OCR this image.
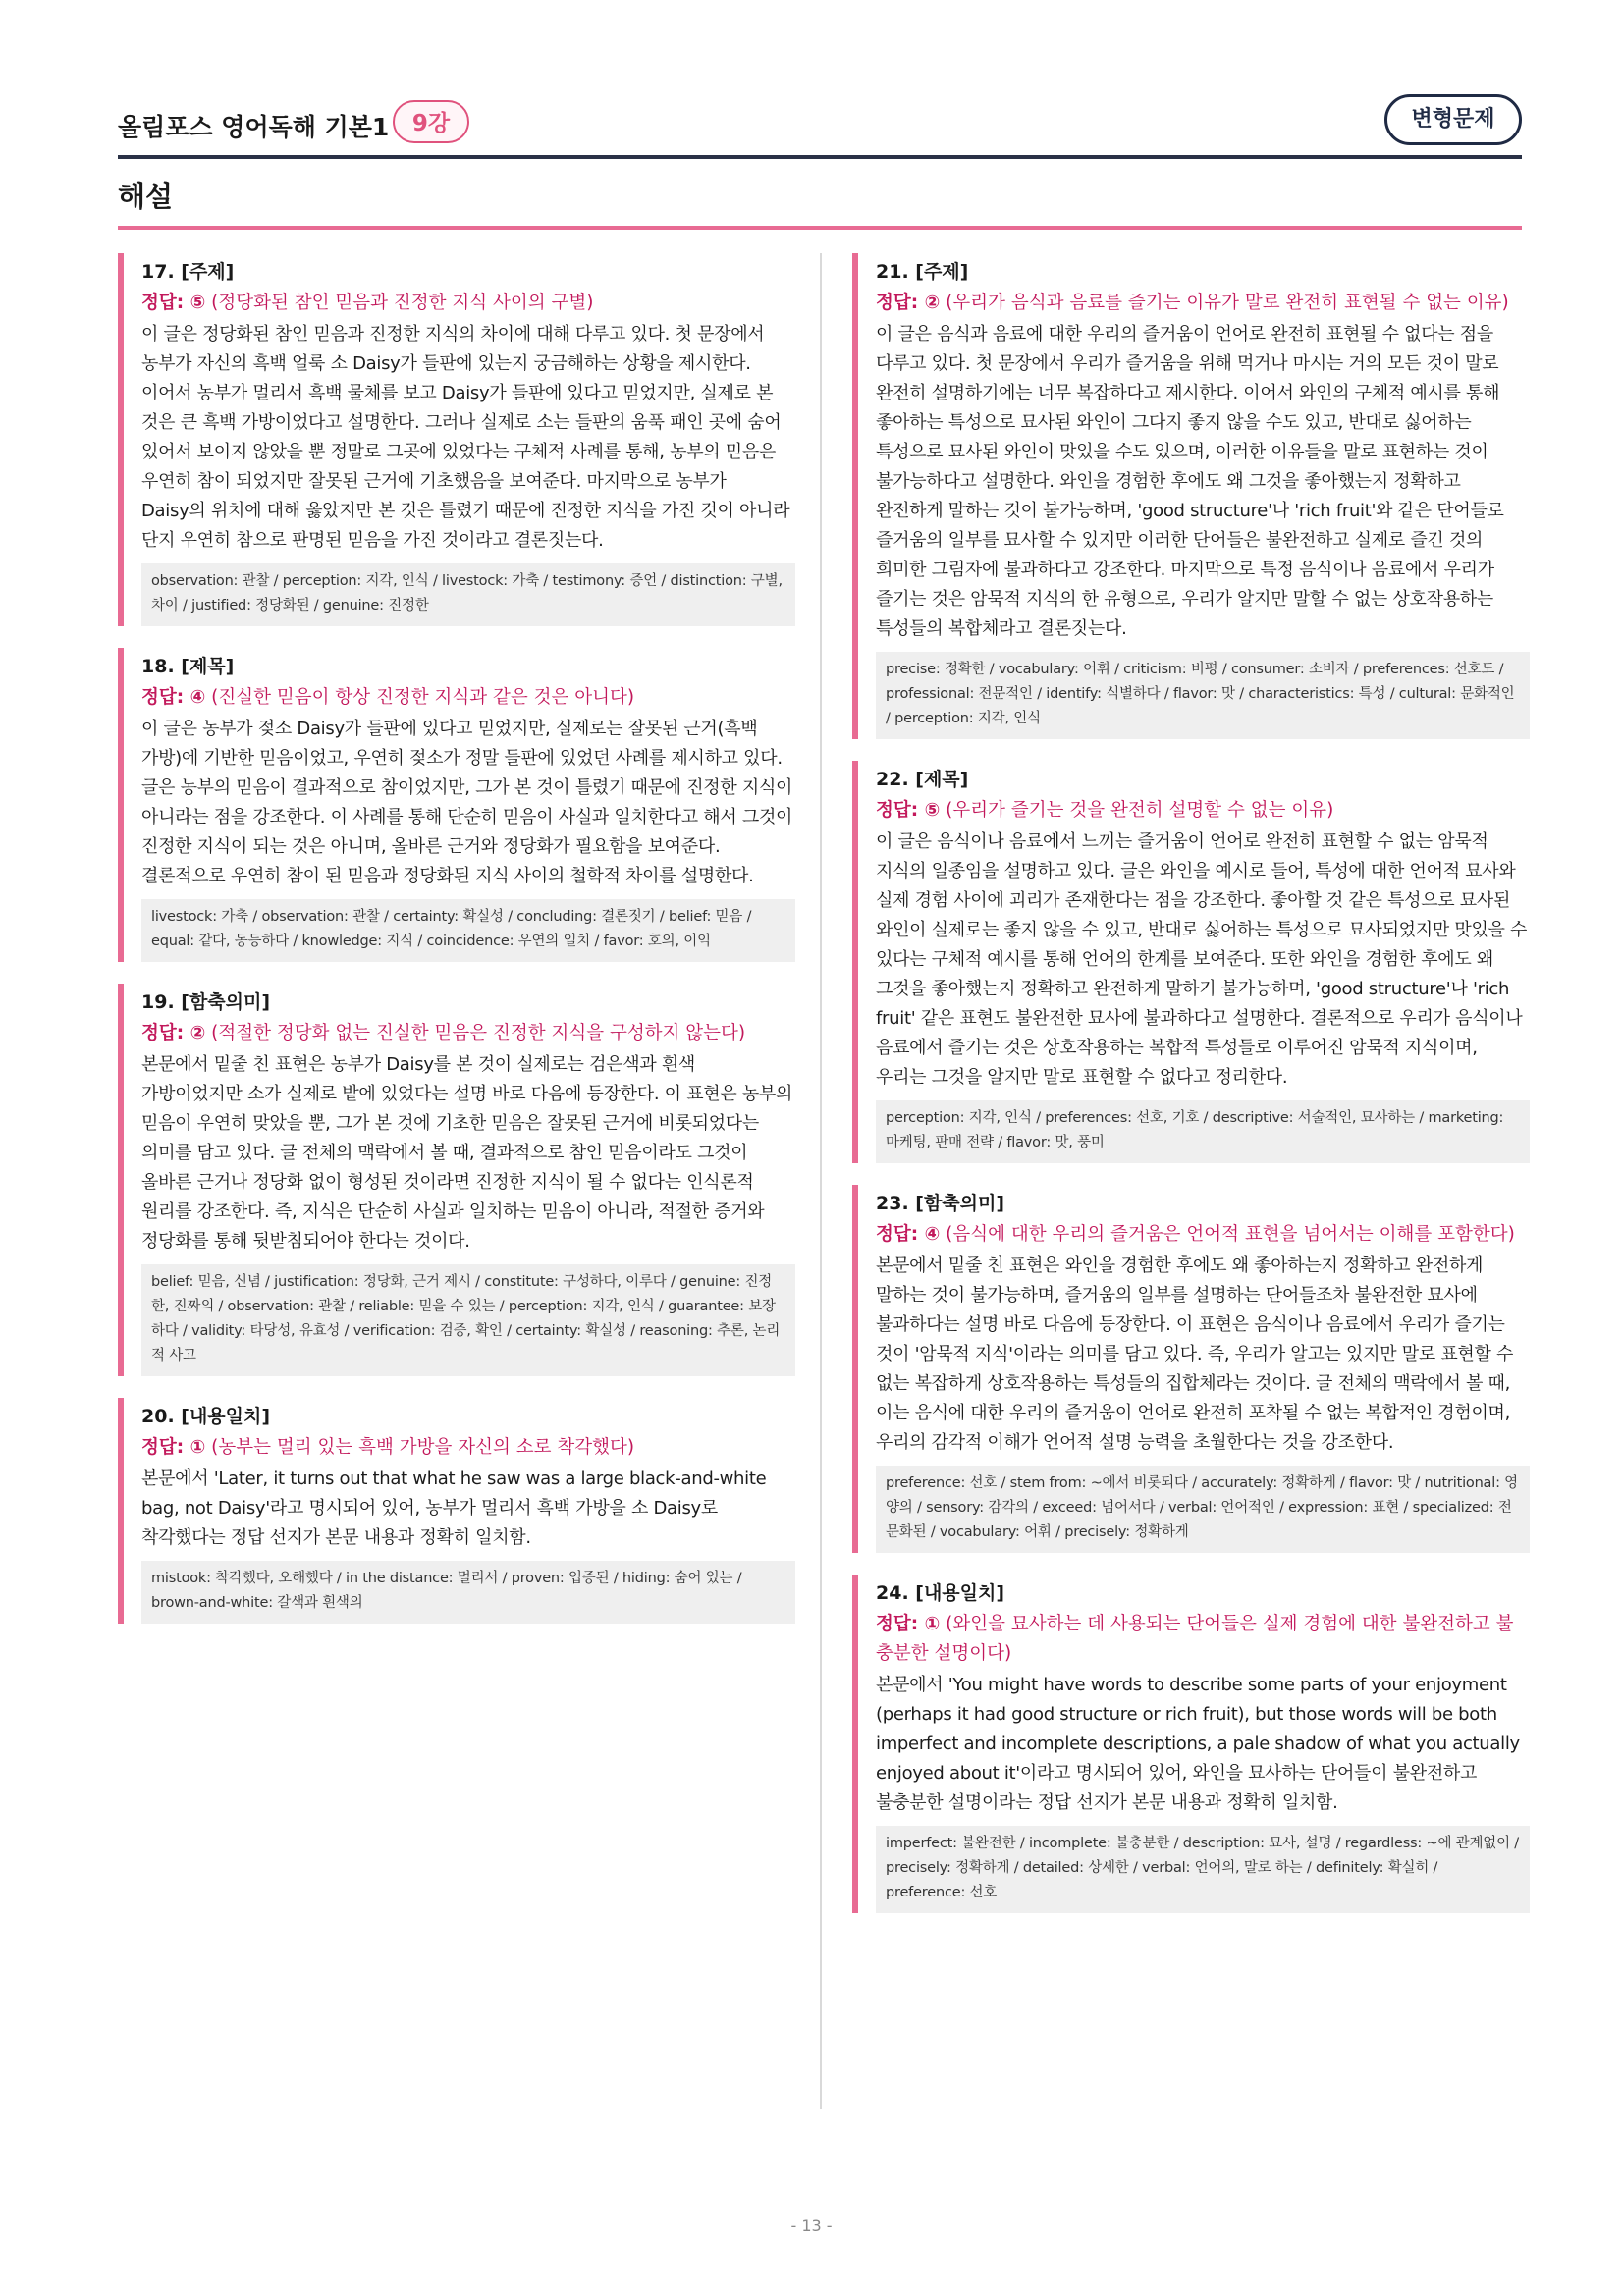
올림포스 영어독해 기본1	9강	변형문제
해설
17. [주제]
정답: ⑤ (정당화된 참인 믿음과 진정한 지식 사이의 구별)
이 글은 정당화된 참인 믿음과 진정한 지식의 차이에 대해 다루고 있다. 첫 문장에서 농부가 자신의 흑백 얼룩 소 Daisy가 들판에 있는지 궁금해하는 상황을 제시한다. 이어서 농부가 멀리서 흑백 물체를 보고 Daisy가 들판에 있다고 믿었지만, 실제로 본 것은 큰 흑백 가방이었다고 설명한다. 그러나 실제로 소는 들판의 움푹 패인 곳에 숨어 있어서 보이지 않았을 뿐 정말로 그곳에 있었다는 구체적 사례를 통해, 농부의 믿음은 우연히 참이 되었지만 잘못된 근거에 기초했음을 보여준다. 마지막으로 농부가 Daisy의 위치에 대해 옳았지만 본 것은 틀렸기 때문에 진정한 지식을 가진 것이 아니라 단지 우연히 참으로 판명된 믿음을 가진 것이라고 결론짓는다.
observation: 관찰 / perception: 지각, 인식 / livestock: 가축 / testimony: 증언 / distinction: 구별, 차이 / justified: 정당화된 / genuine: 진정한
18. [제목]
정답: ④ (진실한 믿음이 항상 진정한 지식과 같은 것은 아니다)
이 글은 농부가 젖소 Daisy가 들판에 있다고 믿었지만, 실제로는 잘못된 근거(흑백 가방)에 기반한 믿음이었고, 우연히 젖소가 정말 들판에 있었던 사례를 제시하고 있다. 글은 농부의 믿음이 결과적으로 참이었지만, 그가 본 것이 틀렸기 때문에 진정한 지식이 아니라는 점을 강조한다. 이 사례를 통해 단순히 믿음이 사실과 일치한다고 해서 그것이 진정한 지식이 되는 것은 아니며, 올바른 근거와 정당화가 필요함을 보여준다. 결론적으로 우연히 참이 된 믿음과 정당화된 지식 사이의 철학적 차이를 설명한다.
livestock: 가축 / observation: 관찰 / certainty: 확실성 / concluding: 결론짓기 / belief: 믿음 / equal: 같다, 동등하다 / knowledge: 지식 / coincidence: 우연의 일치 / favor: 호의, 이익
19. [함축의미]
정답: ② (적절한 정당화 없는 진실한 믿음은 진정한 지식을 구성하지 않는다)
본문에서 밑줄 친 표현은 농부가 Daisy를 본 것이 실제로는 검은색과 흰색 가방이었지만 소가 실제로 밭에 있었다는 설명 바로 다음에 등장한다. 이 표현은 농부의 믿음이 우연히 맞았을 뿐, 그가 본 것에 기초한 믿음은 잘못된 근거에 비롯되었다는 의미를 담고 있다. 글 전체의 맥락에서 볼 때, 결과적으로 참인 믿음이라도 그것이 올바른 근거나 정당화 없이 형성된 것이라면 진정한 지식이 될 수 없다는 인식론적 원리를 강조한다. 즉, 지식은 단순히 사실과 일치하는 믿음이 아니라, 적절한 증거와 정당화를 통해 뒷받침되어야 한다는 것이다.
belief: 믿음, 신념 / justification: 정당화, 근거 제시 / constitute: 구성하다, 이루다 / genuine: 진정한, 진짜의 / observation: 관찰 / reliable: 믿을 수 있는 / perception: 지각, 인식 / guarantee: 보장하다 / validity: 타당성, 유효성 / verification: 검증, 확인 / certainty: 확실성 / reasoning: 추론, 논리적 사고
20. [내용일치]
정답: ① (농부는 멀리 있는 흑백 가방을 자신의 소로 착각했다)
본문에서 'Later, it turns out that what he saw was a large black-and-white bag, not Daisy'라고 명시되어 있어, 농부가 멀리서 흑백 가방을 소 Daisy로 착각했다는 정답 선지가 본문 내용과 정확히 일치함.
mistook: 착각했다, 오해했다 / in the distance: 멀리서 / proven: 입증된 / hiding: 숨어 있는 / brown-and-white: 갈색과 흰색의
21. [주제]
정답: ② (우리가 음식과 음료를 즐기는 이유가 말로 완전히 표현될 수 없는 이유)
이 글은 음식과 음료에 대한 우리의 즐거움이 언어로 완전히 표현될 수 없다는 점을 다루고 있다. 첫 문장에서 우리가 즐거움을 위해 먹거나 마시는 거의 모든 것이 말로 완전히 설명하기에는 너무 복잡하다고 제시한다. 이어서 와인의 구체적 예시를 통해 좋아하는 특성으로 묘사된 와인이 그다지 좋지 않을 수도 있고, 반대로 싫어하는 특성으로 묘사된 와인이 맛있을 수도 있으며, 이러한 이유들을 말로 표현하는 것이 불가능하다고 설명한다. 와인을 경험한 후에도 왜 그것을 좋아했는지 정확하고 완전하게 말하는 것이 불가능하며, 'good structure'나 'rich fruit'와 같은 단어들로 즐거움의 일부를 묘사할 수 있지만 이러한 단어들은 불완전하고 실제로 즐긴 것의 희미한 그림자에 불과하다고 강조한다. 마지막으로 특정 음식이나 음료에서 우리가 즐기는 것은 암묵적 지식의 한 유형으로, 우리가 알지만 말할 수 없는 상호작용하는 특성들의 복합체라고 결론짓는다.
precise: 정확한 / vocabulary: 어휘 / criticism: 비평 / consumer: 소비자 / preferences: 선호도 / professional: 전문적인 / identify: 식별하다 / flavor: 맛 / characteristics: 특성 / cultural: 문화적인 / perception: 지각, 인식
22. [제목]
정답: ⑤ (우리가 즐기는 것을 완전히 설명할 수 없는 이유)
이 글은 음식이나 음료에서 느끼는 즐거움이 언어로 완전히 표현할 수 없는 암묵적 지식의 일종임을 설명하고 있다. 글은 와인을 예시로 들어, 특성에 대한 언어적 묘사와 실제 경험 사이에 괴리가 존재한다는 점을 강조한다. 좋아할 것 같은 특성으로 묘사된 와인이 실제로는 좋지 않을 수 있고, 반대로 싫어하는 특성으로 묘사되었지만 맛있을 수 있다는 구체적 예시를 통해 언어의 한계를 보여준다. 또한 와인을 경험한 후에도 왜 그것을 좋아했는지 정확하고 완전하게 말하기 불가능하며, 'good structure'나 'rich fruit' 같은 표현도 불완전한 묘사에 불과하다고 설명한다. 결론적으로 우리가 음식이나 음료에서 즐기는 것은 상호작용하는 복합적 특성들로 이루어진 암묵적 지식이며, 우리는 그것을 알지만 말로 표현할 수 없다고 정리한다.
perception: 지각, 인식 / preferences: 선호, 기호 / descriptive: 서술적인, 묘사하는 / marketing: 마케팅, 판매 전략 / flavor: 맛, 풍미
23. [함축의미]
정답: ④ (음식에 대한 우리의 즐거움은 언어적 표현을 넘어서는 이해를 포함한다)
본문에서 밑줄 친 표현은 와인을 경험한 후에도 왜 좋아하는지 정확하고 완전하게 말하는 것이 불가능하며, 즐거움의 일부를 설명하는 단어들조차 불완전한 묘사에 불과하다는 설명 바로 다음에 등장한다. 이 표현은 음식이나 음료에서 우리가 즐기는 것이 '암묵적 지식'이라는 의미를 담고 있다. 즉, 우리가 알고는 있지만 말로 표현할 수 없는 복잡하게 상호작용하는 특성들의 집합체라는 것이다. 글 전체의 맥락에서 볼 때, 이는 음식에 대한 우리의 즐거움이 언어로 완전히 포착될 수 없는 복합적인 경험이며, 우리의 감각적 이해가 언어적 설명 능력을 초월한다는 것을 강조한다.
preference: 선호 / stem from: ~에서 비롯되다 / accurately: 정확하게 / flavor: 맛 / nutritional: 영양의 / sensory: 감각의 / exceed: 넘어서다 / verbal: 언어적인 / expression: 표현 / specialized: 전문화된 / vocabulary: 어휘 / precisely: 정확하게
24. [내용일치]
정답: ① (와인을 묘사하는 데 사용되는 단어들은 실제 경험에 대한 불완전하고 불충분한 설명이다)
본문에서 'You might have words to describe some parts of your enjoyment (perhaps it had good structure or rich fruit), but those words will be both imperfect and incomplete descriptions, a pale shadow of what you actually enjoyed about it'이라고 명시되어 있어, 와인을 묘사하는 단어들이 불완전하고 불충분한 설명이라는 정답 선지가 본문 내용과 정확히 일치함.
imperfect: 불완전한 / incomplete: 불충분한 / description: 묘사, 설명 / regardless: ~에 관계없이 / precisely: 정확하게 / detailed: 상세한 / verbal: 언어의, 말로 하는 / definitely: 확실히 / preference: 선호
- 13 -
